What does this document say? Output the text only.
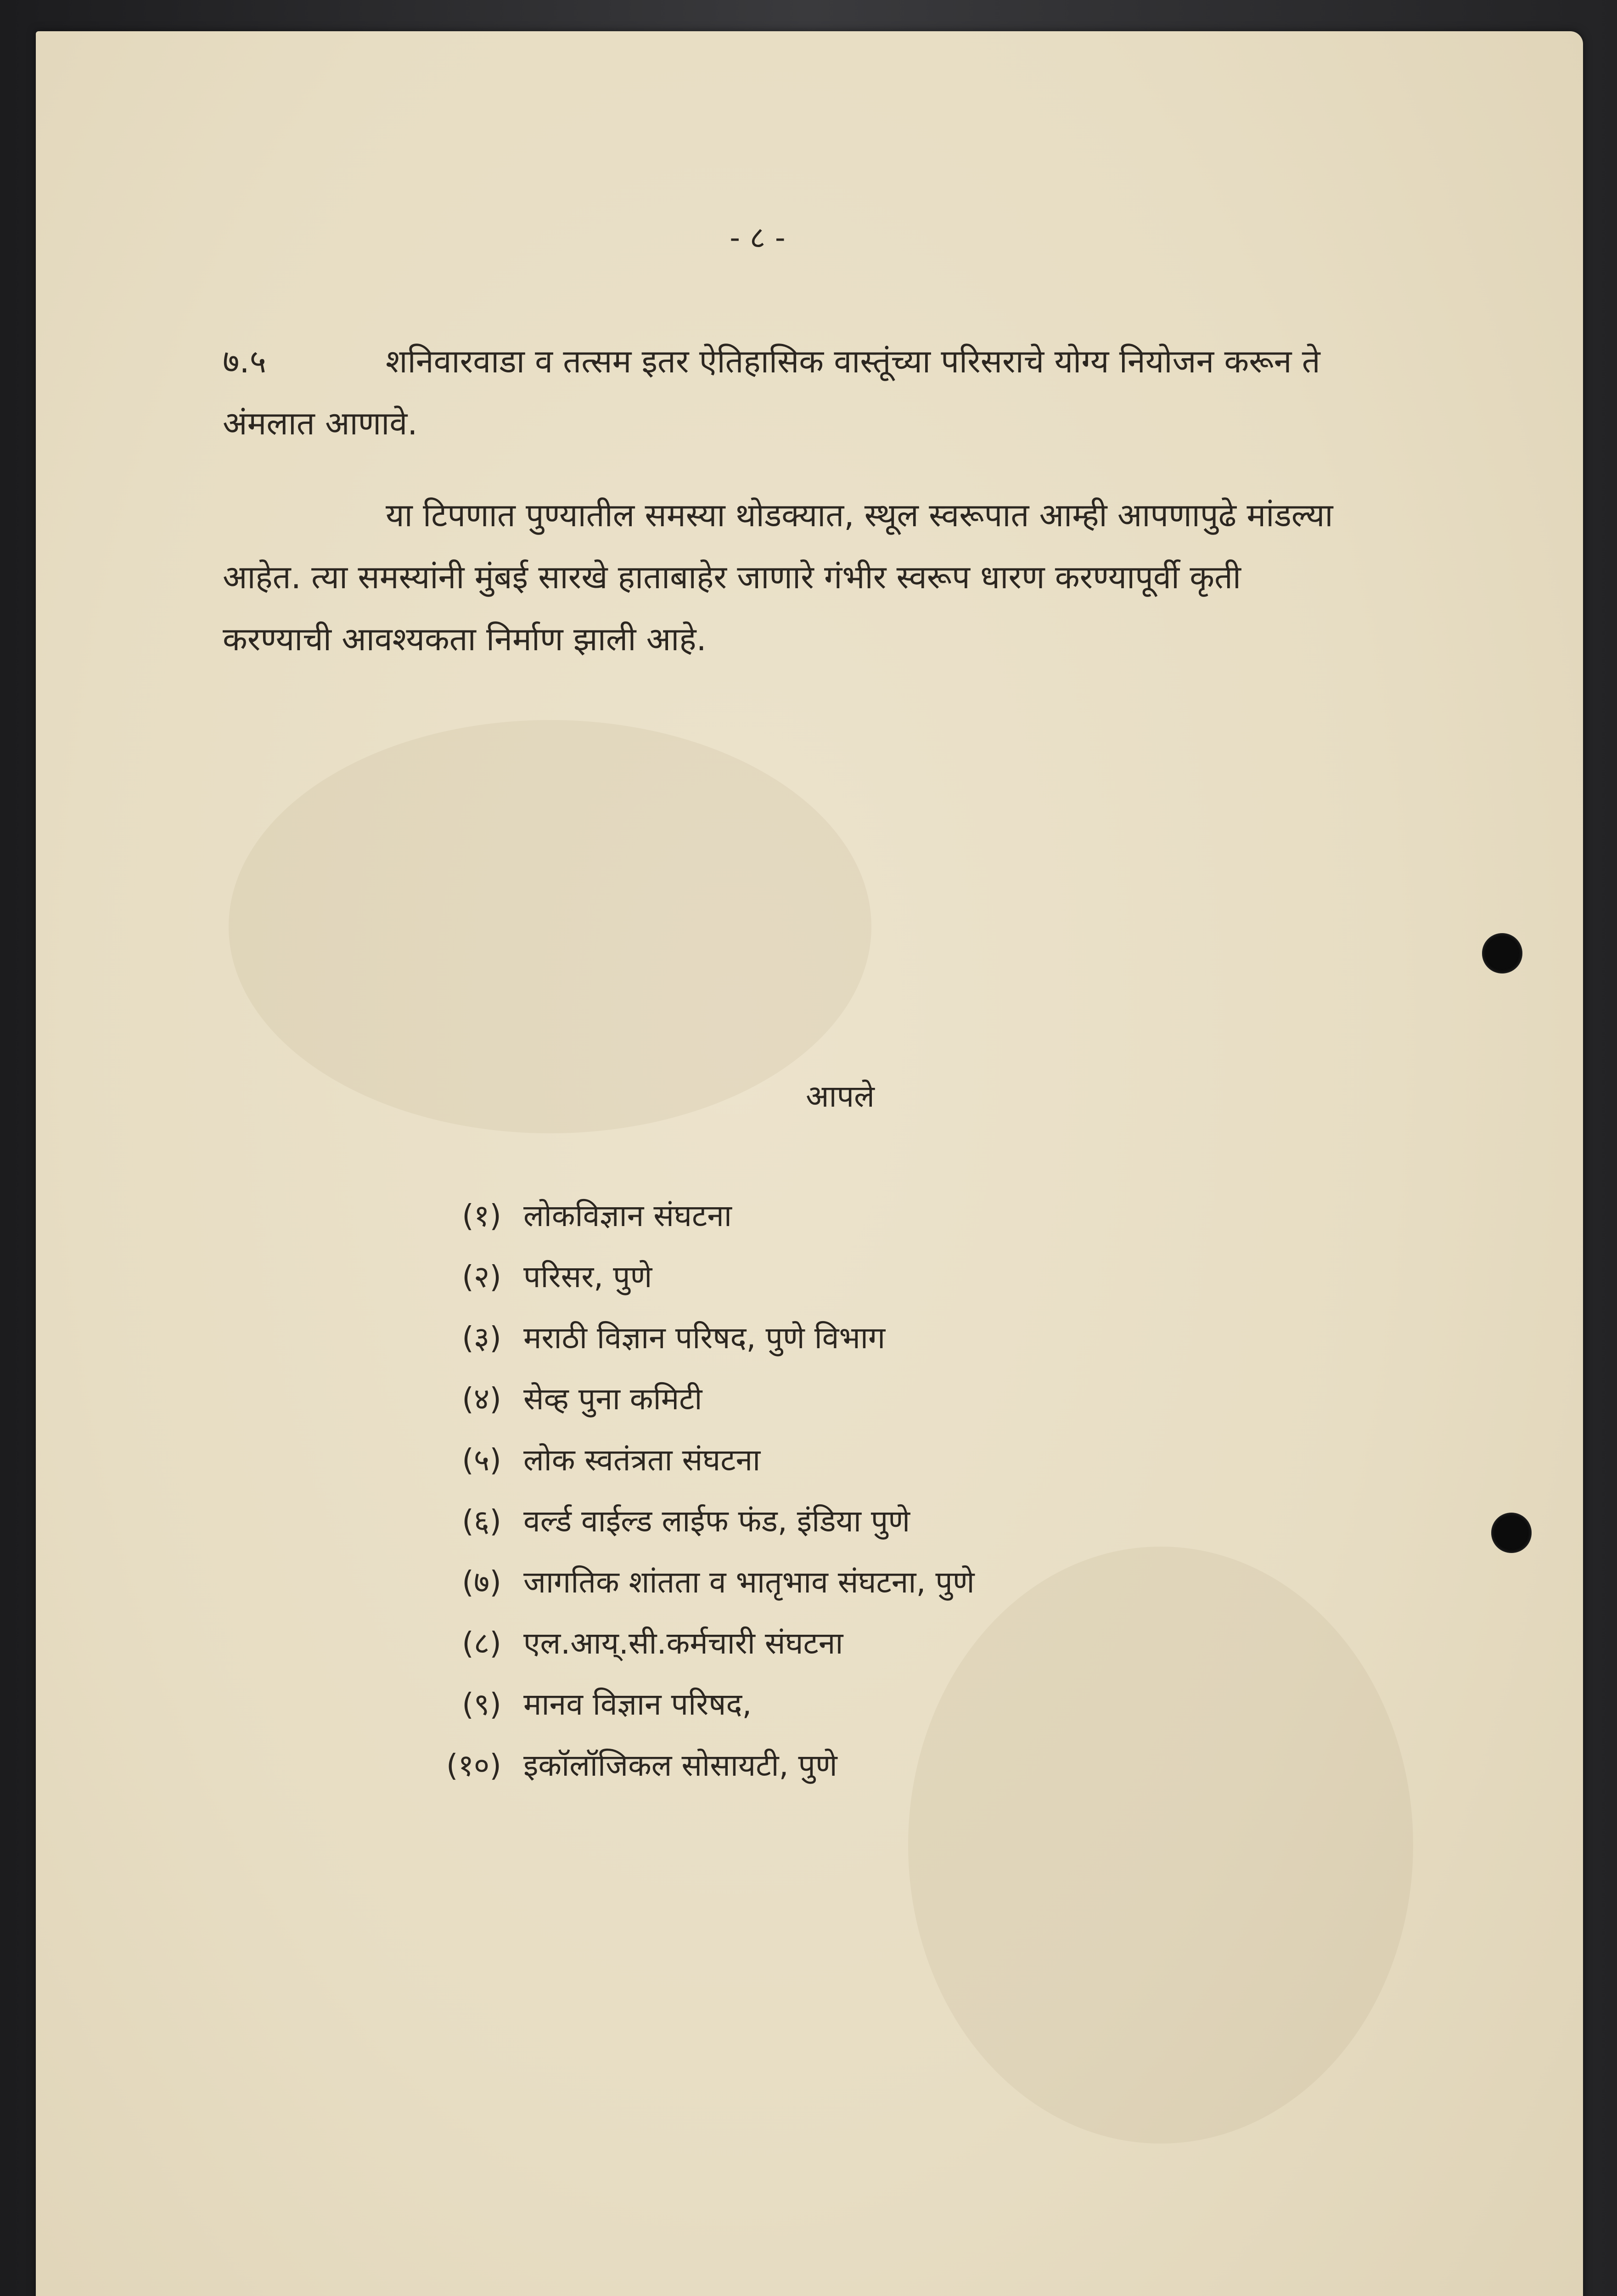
- ८ -
७.५	शनिवारवाडा व तत्सम इतर ऐतिहासिक वास्तूंच्या परिसराचे योग्य नियोजन करून ते अंमलात आणावे.
या टिपणात पुण्यातील समस्या थोडक्यात, स्थूल स्वरूपात आम्ही आपणापुढे मांडल्या आहेत. त्या समस्यांनी मुंबई सारखे हाताबाहेर जाणारे गंभीर स्वरूप धारण करण्यापूर्वी कृती करण्याची आवश्यकता निर्माण झाली आहे.
आपले
(१) लोकविज्ञान संघटना
(२) परिसर, पुणे
(३) मराठी विज्ञान परिषद, पुणे विभाग
(४) सेव्ह पुना कमिटी
(५) लोक स्वतंत्रता संघटना
(६) वर्ल्ड वाईल्ड लाईफ फंड, इंडिया पुणे
(७) जागतिक शांतता व भातृभाव संघटना, पुणे
(८) एल.आय्.सी.कर्मचारी संघटना
(९) मानव विज्ञान परिषद,
(१०) इकॉलॉजिकल सोसायटी, पुणे
